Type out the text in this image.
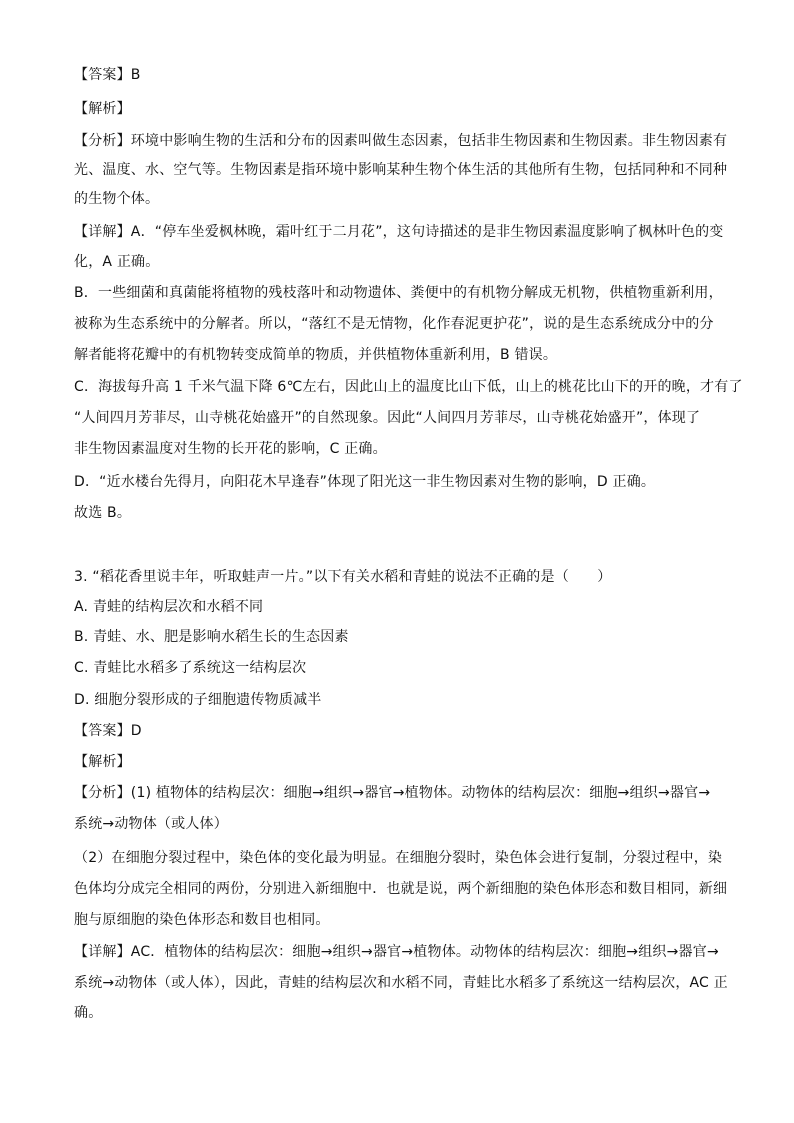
【答案】B
【解析】
【分析】环境中影响生物的生活和分布的因素叫做生态因素，包括非生物因素和生物因素。非生物因素有
光、温度、水、空气等。生物因素是指环境中影响某种生物个体生活的其他所有生物，包括同种和不同种
的生物个体。
【详解】A．“停车坐爱枫林晚，霜叶红于二月花”，这句诗描述的是非生物因素温度影响了枫林叶色的变
化，A 正确。
B．一些细菌和真菌能将植物的残枝落叶和动物遗体、粪便中的有机物分解成无机物，供植物重新利用，
被称为生态系统中的分解者。所以，“落红不是无情物，化作春泥更护花”，说的是生态系统成分中的分
解者能将花瓣中的有机物转变成简单的物质，并供植物体重新利用，B 错误。
C．海拔每升高 1 千米气温下降 6℃左右，因此山上的温度比山下低，山上的桃花比山下的开的晚，才有了
“人间四月芳菲尽，山寺桃花始盛开”的自然现象。因此“人间四月芳菲尽，山寺桃花始盛开”，体现了
非生物因素温度对生物的长开花的影响，C 正确。
D．“近水楼台先得月，向阳花木早逢春”体现了阳光这一非生物因素对生物的影响，D 正确。
故选 B。
3. “稻花香里说丰年，听取蛙声一片。”以下有关水稻和青蛙的说法不正确的是（　　）
A. 青蛙的结构层次和水稻不同
B. 青蛙、水、肥是影响水稻生长的生态因素
C. 青蛙比水稻多了系统这一结构层次
D. 细胞分裂形成的子细胞遗传物质减半
【答案】D
【解析】
【分析】(1) 植物体的结构层次：细胞→组织→器官→植物体。动物体的结构层次：细胞→组织→器官→
系统→动物体（或人体）
（2）在细胞分裂过程中，染色体的变化最为明显。在细胞分裂时，染色体会进行复制，分裂过程中，染
色体均分成完全相同的两份，分别进入新细胞中．也就是说，两个新细胞的染色体形态和数目相同，新细
胞与原细胞的染色体形态和数目也相同。
【详解】AC．植物体的结构层次：细胞→组织→器官→植物体。动物体的结构层次：细胞→组织→器官→
系统→动物体（或人体），因此，青蛙的结构层次和水稻不同，青蛙比水稻多了系统这一结构层次，AC 正
确。
